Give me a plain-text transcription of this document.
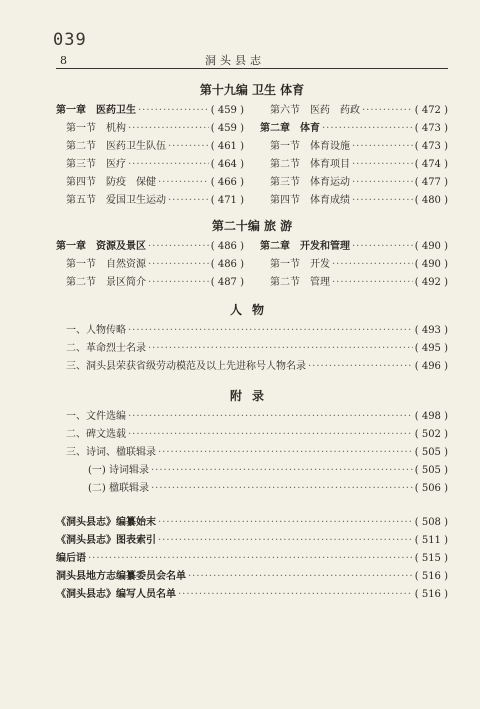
039
8	洞头县志
第十九编 卫生 体育
第一章　医药卫生 ·····	( 459 )
第一节　机构 ·····	( 459 )
第二节　医药卫生队伍 ·····	( 461 )
第三节　医疗 ·····	( 464 )
第四节　防疫　保健 ·····	( 466 )
第五节　爱国卫生运动 ·····	( 471 )
第六节　医药　药政 ·····	( 472 )
第二章　体育 ·····	( 473 )
第一节　体育设施 ·····	( 473 )
第二节　体育项目 ·····	( 474 )
第三节　体育运动 ·····	( 477 )
第四节　体育成绩 ·····	( 480 )
第二十编 旅 游
第一章　资源及景区 ·····	( 486 )
第一节　自然资源 ·····	( 486 )
第二节　景区简介 ·····	( 487 )
第二章　开发和管理 ·····	( 490 )
第一节　开发 ·····	( 490 )
第二节　管理 ·····	( 492 )
人物
一、人物传略 ·····	( 493 )
二、革命烈士名录 ·····	( 495 )
三、洞头县荣获省级劳动模范及以上先进称号人物名录 ·····	( 496 )
附录
一、文件选编 ·····	( 498 )
二、碑文选载 ·····	( 502 )
三、诗词、楹联辑录 ·····	( 505 )
(一) 诗词辑录 ·····	( 505 )
(二) 楹联辑录 ·····	( 506 )
《洞头县志》编纂始末 ·····	( 508 )
《洞头县志》图表索引 ·····	( 511 )
编后语 ·····	( 515 )
洞头县地方志编纂委员会名单 ·····	( 516 )
《洞头县志》编写人员名单 ·····	( 516 )
